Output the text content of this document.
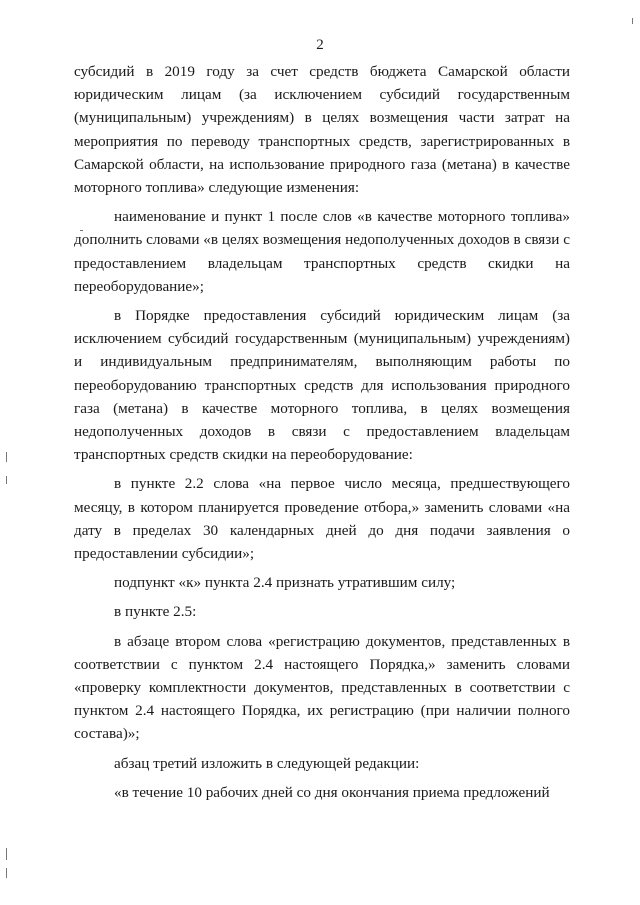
2

субсидий в 2019 году за счет средств бюджета Самарской области юридическим лицам (за исключением субсидий государственным (муниципальным) учреждениям) в целях возмещения части затрат на мероприятия по переводу транспортных средств, зарегистрированных в Самарской области, на использование природного газа (метана) в качестве моторного топлива» следующие изменения:

наименование и пункт 1 после слов «в качестве моторного топлива» дополнить словами «в целях возмещения недополученных доходов в связи с предоставлением владельцам транспортных средств скидки на переоборудование»;

в Порядке предоставления субсидий юридическим лицам (за исключением субсидий государственным (муниципальным) учреждениям) и индивидуальным предпринимателям, выполняющим работы по переоборудованию транспортных средств для использования природного газа (метана) в качестве моторного топлива, в целях возмещения недополученных доходов в связи с предоставлением владельцам транспортных средств скидки на переоборудование:

в пункте 2.2 слова «на первое число месяца, предшествующего месяцу, в котором планируется проведение отбора,» заменить словами «на дату в пределах 30 календарных дней до дня подачи заявления о предоставлении субсидии»;

подпункт «к» пункта 2.4 признать утратившим силу;

в пункте 2.5:

в абзаце втором слова «регистрацию документов, представленных в соответствии с пунктом 2.4 настоящего Порядка,» заменить словами «проверку комплектности документов, представленных в соответствии с пунктом 2.4 настоящего Порядка, их регистрацию (при наличии полного состава)»;

абзац третий изложить в следующей редакции:

«в течение 10 рабочих дней со дня окончания приема предложений
